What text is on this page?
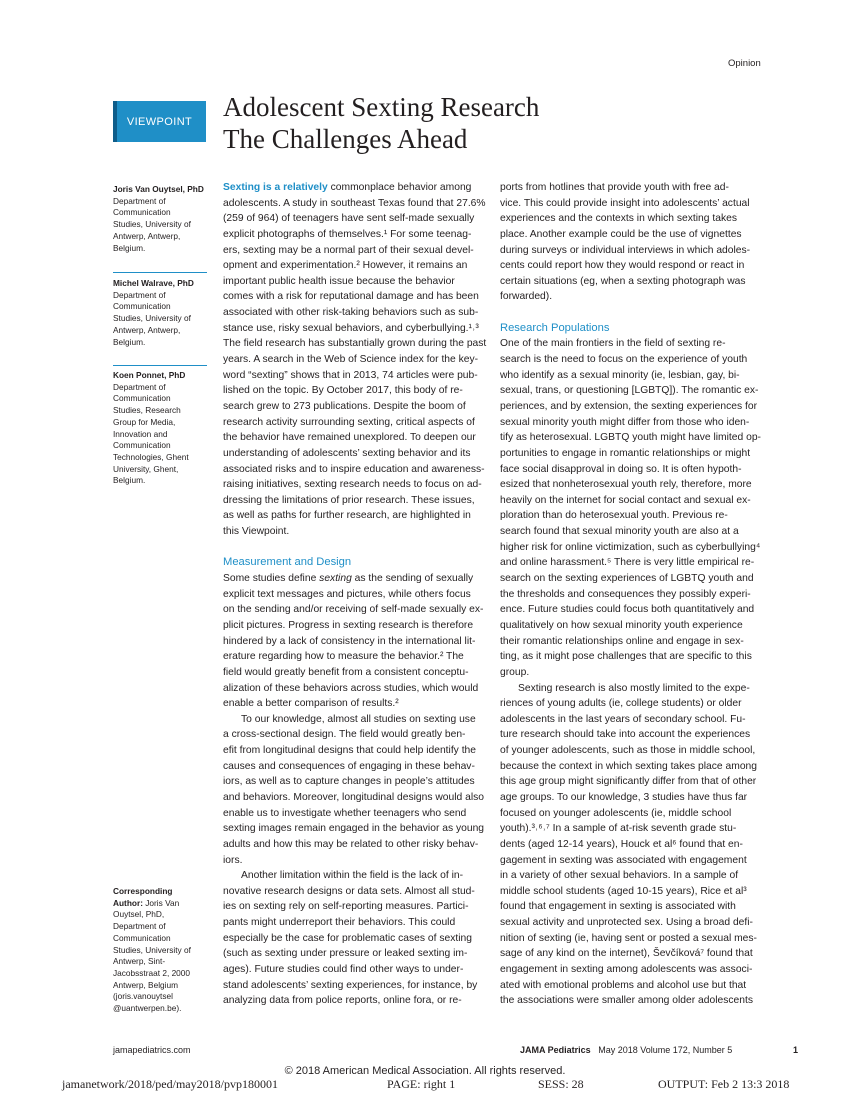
Opinion
VIEWPOINT	Adolescent Sexting Research
The Challenges Ahead
Joris Van Ouytsel, PhD
Department of
Communication
Studies, University of
Antwerp, Antwerp,
Belgium.
Michel Walrave, PhD
Department of
Communication
Studies, University of
Antwerp, Antwerp,
Belgium.
Koen Ponnet, PhD
Department of
Communication
Studies, Research
Group for Media,
Innovation and
Communication
Technologies, Ghent
University, Ghent,
Belgium.
Corresponding
Author: Joris Van
Ouytsel, PhD,
Department of
Communication
Studies, University of
Antwerp, Sint-
Jacobsstraat 2, 2000
Antwerp, Belgium
(joris.vanouytsel
@uantwerpen.be).
Sexting is a relatively commonplace behavior among
adolescents. A study in southeast Texas found that 27.6%
(259 of 964) of teenagers have sent self-made sexually
explicit photographs of themselves.¹ For some teenag-
ers, sexting may be a normal part of their sexual devel-
opment and experimentation.² However, it remains an
important public health issue because the behavior
comes with a risk for reputational damage and has been
associated with other risk-taking behaviors such as sub-
stance use, risky sexual behaviors, and cyberbullying.¹˒³
The field research has substantially grown during the past
years. A search in the Web of Science index for the key-
word “sexting” shows that in 2013, 74 articles were pub-
lished on the topic. By October 2017, this body of re-
search grew to 273 publications. Despite the boom of
research activity surrounding sexting, critical aspects of
the behavior have remained unexplored. To deepen our
understanding of adolescents’ sexting behavior and its
associated risks and to inspire education and awareness-
raising initiatives, sexting research needs to focus on ad-
dressing the limitations of prior research. These issues,
as well as paths for further research, are highlighted in
this Viewpoint.
Measurement and Design
Some studies define sexting as the sending of sexually
explicit text messages and pictures, while others focus
on the sending and/or receiving of self-made sexually ex-
plicit pictures. Progress in sexting research is therefore
hindered by a lack of consistency in the international lit-
erature regarding how to measure the behavior.² The
field would greatly benefit from a consistent conceptu-
alization of these behaviors across studies, which would
enable a better comparison of results.²
To our knowledge, almost all studies on sexting use
a cross-sectional design. The field would greatly ben-
efit from longitudinal designs that could help identify the
causes and consequences of engaging in these behav-
iors, as well as to capture changes in people’s attitudes
and behaviors. Moreover, longitudinal designs would also
enable us to investigate whether teenagers who send
sexting images remain engaged in the behavior as young
adults and how this may be related to other risky behav-
iors.
Another limitation within the field is the lack of in-
novative research designs or data sets. Almost all stud-
ies on sexting rely on self-reporting measures. Partici-
pants might underreport their behaviors. This could
especially be the case for problematic cases of sexting
(such as sexting under pressure or leaked sexting im-
ages). Future studies could find other ways to under-
stand adolescents’ sexting experiences, for instance, by
analyzing data from police reports, online fora, or re-
ports from hotlines that provide youth with free ad-
vice. This could provide insight into adolescents’ actual
experiences and the contexts in which sexting takes
place. Another example could be the use of vignettes
during surveys or individual interviews in which adoles-
cents could report how they would respond or react in
certain situations (eg, when a sexting photograph was
forwarded).
Research Populations
One of the main frontiers in the field of sexting re-
search is the need to focus on the experience of youth
who identify as a sexual minority (ie, lesbian, gay, bi-
sexual, trans, or questioning [LGBTQ]). The romantic ex-
periences, and by extension, the sexting experiences for
sexual minority youth might differ from those who iden-
tify as heterosexual. LGBTQ youth might have limited op-
portunities to engage in romantic relationships or might
face social disapproval in doing so. It is often hypoth-
esized that nonheterosexual youth rely, therefore, more
heavily on the internet for social contact and sexual ex-
ploration than do heterosexual youth. Previous re-
search found that sexual minority youth are also at a
higher risk for online victimization, such as cyberbullying⁴
and online harassment.⁵ There is very little empirical re-
search on the sexting experiences of LGBTQ youth and
the thresholds and consequences they possibly experi-
ence. Future studies could focus both quantitatively and
qualitatively on how sexual minority youth experience
their romantic relationships online and engage in sex-
ting, as it might pose challenges that are specific to this
group.
Sexting research is also mostly limited to the expe-
riences of young adults (ie, college students) or older
adolescents in the last years of secondary school. Fu-
ture research should take into account the experiences
of younger adolescents, such as those in middle school,
because the context in which sexting takes place among
this age group might significantly differ from that of other
age groups. To our knowledge, 3 studies have thus far
focused on younger adolescents (ie, middle school
youth).³˒⁶˒⁷ In a sample of at-risk seventh grade stu-
dents (aged 12-14 years), Houck et al⁶ found that en-
gagement in sexting was associated with engagement
in a variety of other sexual behaviors. In a sample of
middle school students (aged 10-15 years), Rice et al³
found that engagement in sexting is associated with
sexual activity and unprotected sex. Using a broad defi-
nition of sexting (ie, having sent or posted a sexual mes-
sage of any kind on the internet), Ševčíková⁷ found that
engagement in sexting among adolescents was associ-
ated with emotional problems and alcohol use but that
the associations were smaller among older adolescents
jamapediatrics.com	JAMA Pediatrics May 2018 Volume 172, Number 5	1
© 2018 American Medical Association. All rights reserved.
jamanetwork/2018/ped/may2018/pvp180001	PAGE: right 1	SESS: 28	OUTPUT: Feb 2 13:3 2018
